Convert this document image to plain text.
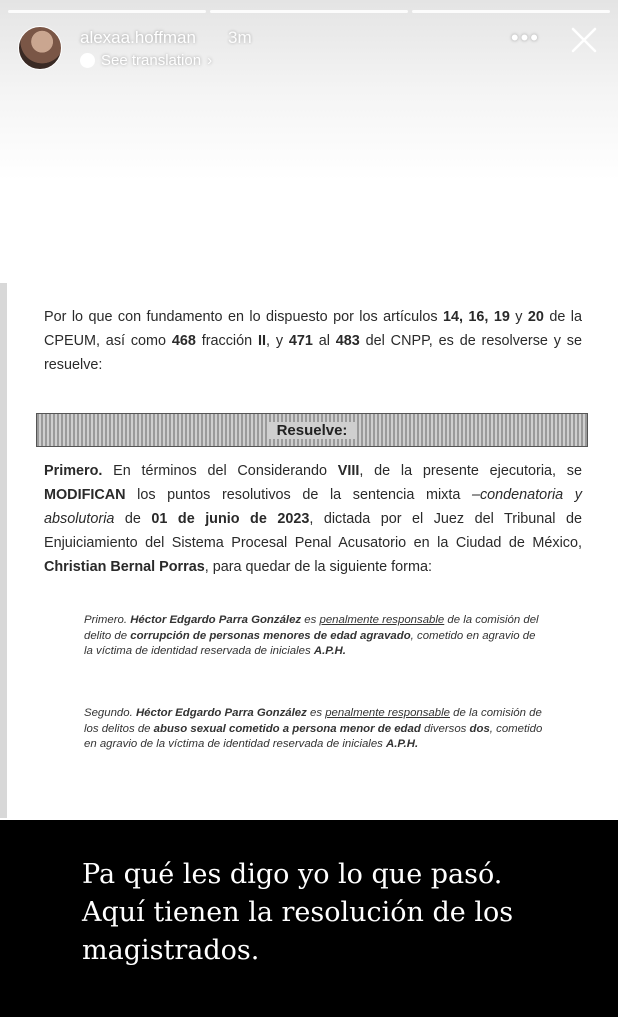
alexaa.hoffman 3m
See translation ›
•••
Por lo que con fundamento en lo dispuesto por los artículos 14, 16, 19 y 20 de la CPEUM, así como 468 fracción II, y 471 al 483 del CNPP, es de resolverse y se resuelve:
Resuelve:
Primero. En términos del Considerando VIII, de la presente ejecutoria, se MODIFICAN los puntos resolutivos de la sentencia mixta –condenatoria y absolutoria de 01 de junio de 2023, dictada por el Juez del Tribunal de Enjuiciamiento del Sistema Procesal Penal Acusatorio en la Ciudad de México, Christian Bernal Porras, para quedar de la siguiente forma:
Primero. Héctor Edgardo Parra González es penalmente responsable de la comisión del delito de corrupción de personas menores de edad agravado, cometido en agravio de la víctima de identidad reservada de iniciales A.P.H.
Segundo. Héctor Edgardo Parra González es penalmente responsable de la comisión de los delitos de abuso sexual cometido a persona menor de edad diversos dos, cometido en agravio de la víctima de identidad reservada de iniciales A.P.H.
Pa qué les digo yo lo que pasó.
Aquí tienen la resolución de los
magistrados.
